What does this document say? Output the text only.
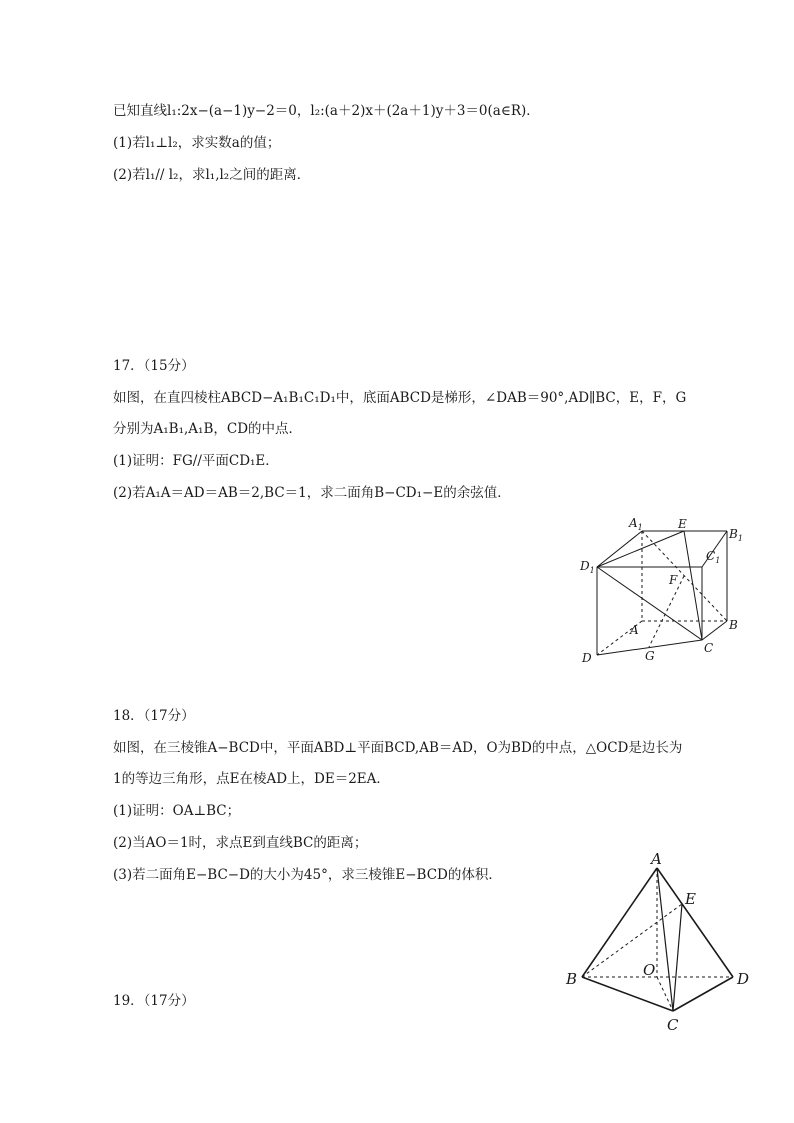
已知直线l₁:2x−(a−1)y−2＝0，l₂:(a＋2)x＋(2a＋1)y＋3＝0(a∈R)．
(1)若l₁⊥l₂，求实数a的值；
(2)若l₁// l₂，求l₁,l₂之间的距离．
17．（15分）
如图，在直四棱柱ABCD−A₁B₁C₁D₁中，底面ABCD是梯形，∠DAB＝90°,AD∥BC，E，F，G
分别为A₁B₁,A₁B，CD的中点．
(1)证明：FG//平面CD₁E．
(2)若A₁A＝AD＝AB＝2,BC＝1，求二面角B−CD₁−E的余弦值．
$A_1$	E
$B_1$
$C_1$
$D_1$
F
A	B
C
D	G
18．（17分）
如图，在三棱锥A−BCD中，平面ABD⊥平面BCD,AB＝AD，O为BD的中点，△OCD是边长为
1的等边三角形，点E在棱AD上，DE＝2EA．
(1)证明：OA⊥BC；
(2)当AO＝1时，求点E到直线BC的距离；
(3)若二面角E−BC−D的大小为45°，求三棱锥E−BCD的体积．
A
E
B	O	D
C
19．（17分）
